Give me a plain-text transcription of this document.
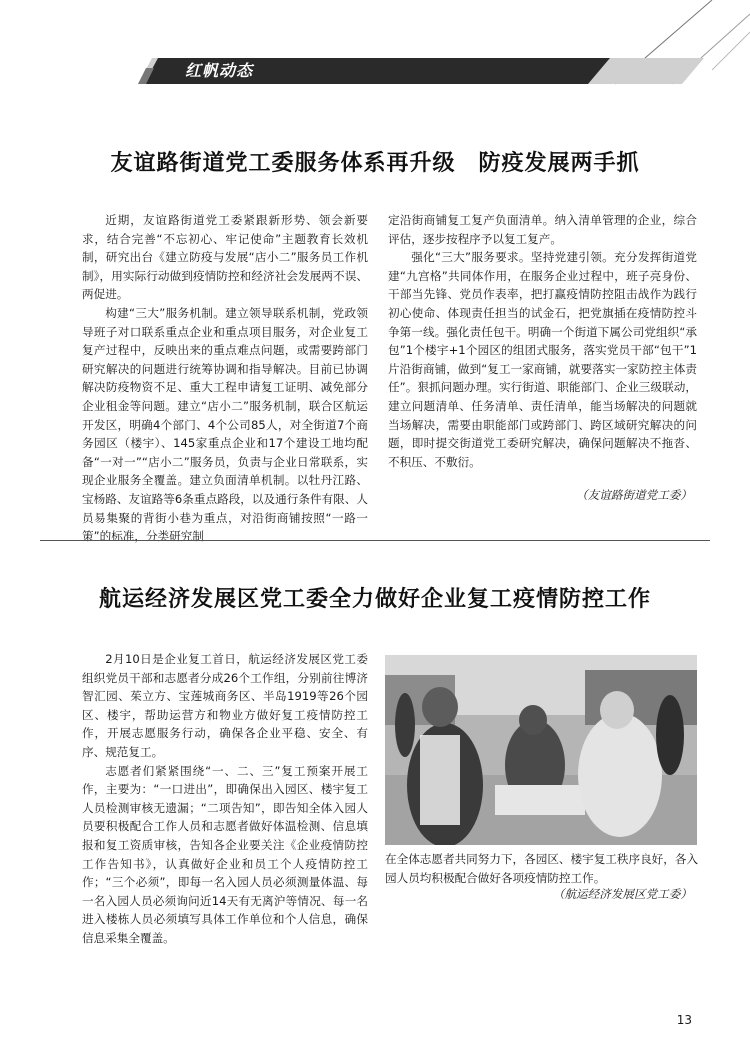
红帆动态
友谊路街道党工委服务体系再升级　防疫发展两手抓

近期，友谊路街道党工委紧跟新形势、领会新要求，结合完善“不忘初心、牢记使命”主题教育长效机制，研究出台《建立防疫与发展“店小二”服务员工作机制》，用实际行动做到疫情防控和经济社会发展两不误、两促进。

构建“三大”服务机制。建立领导联系机制，党政领导班子对口联系重点企业和重点项目服务，对企业复工复产过程中，反映出来的重点难点问题，或需要跨部门研究解决的问题进行统筹协调和指导解决。目前已协调解决防疫物资不足、重大工程申请复工证明、减免部分企业租金等问题。建立“店小二”服务机制，联合区航运开发区，明确4个部门、4个公司85人，对全街道7个商务园区（楼宇）、145家重点企业和17个建设工地均配备“一对一”“店小二”服务员，负责与企业日常联系，实现企业服务全覆盖。建立负面清单机制。以牡丹江路、宝杨路、友谊路等6条重点路段，以及通行条件有限、人员易集聚的背街小巷为重点，对沿街商铺按照“一路一策”的标准，分类研究制

定沿街商铺复工复产负面清单。纳入清单管理的企业，综合评估，逐步按程序予以复工复产。

强化“三大”服务要求。坚持党建引领。充分发挥街道党建“九宫格”共同体作用，在服务企业过程中，班子亮身份、干部当先锋、党员作表率，把打赢疫情防控阻击战作为践行初心使命、体现责任担当的试金石，把党旗插在疫情防控斗争第一线。强化责任包干。明确一个街道下属公司党组织“承包”1个楼宇+1个园区的组团式服务，落实党员干部“包干”1片沿街商铺，做到“复工一家商铺，就要落实一家防控主体责任”。狠抓问题办理。实行街道、职能部门、企业三级联动，建立问题清单、任务清单、责任清单，能当场解决的问题就当场解决，需要由职能部门或跨部门、跨区域研究解决的问题，即时提交街道党工委研究解决，确保问题解决不拖沓、不积压、不敷衍。

（友谊路街道党工委）
航运经济发展区党工委全力做好企业复工疫情防控工作

2月10日是企业复工首日，航运经济发展区党工委组织党员干部和志愿者分成26个工作组，分别前往博济智汇园、茱立方、宝莲城商务区、半岛1919等26个园区、楼宇，帮助运营方和物业方做好复工疫情防控工作，开展志愿服务行动，确保各企业平稳、安全、有序、规范复工。

志愿者们紧紧围绕“一、二、三”复工预案开展工作，主要为：“一口进出”，即确保出入园区、楼宇复工人员检测审核无遗漏；“二项告知”，即告知全体入园人员要积极配合工作人员和志愿者做好体温检测、信息填报和复工资质审核，告知各企业要关注《企业疫情防控工作告知书》，认真做好企业和员工个人疫情防控工作；“三个必须”，即每一名入园人员必须测量体温、每一名入园人员必须询问近14天有无离沪等情况、每一名进入楼栋人员必须填写具体工作单位和个人信息，确保信息采集全覆盖。

在全体志愿者共同努力下，各园区、楼宇复工秩序良好，各入园人员均积极配合做好各项疫情防控工作。
（航运经济发展区党工委）
13
